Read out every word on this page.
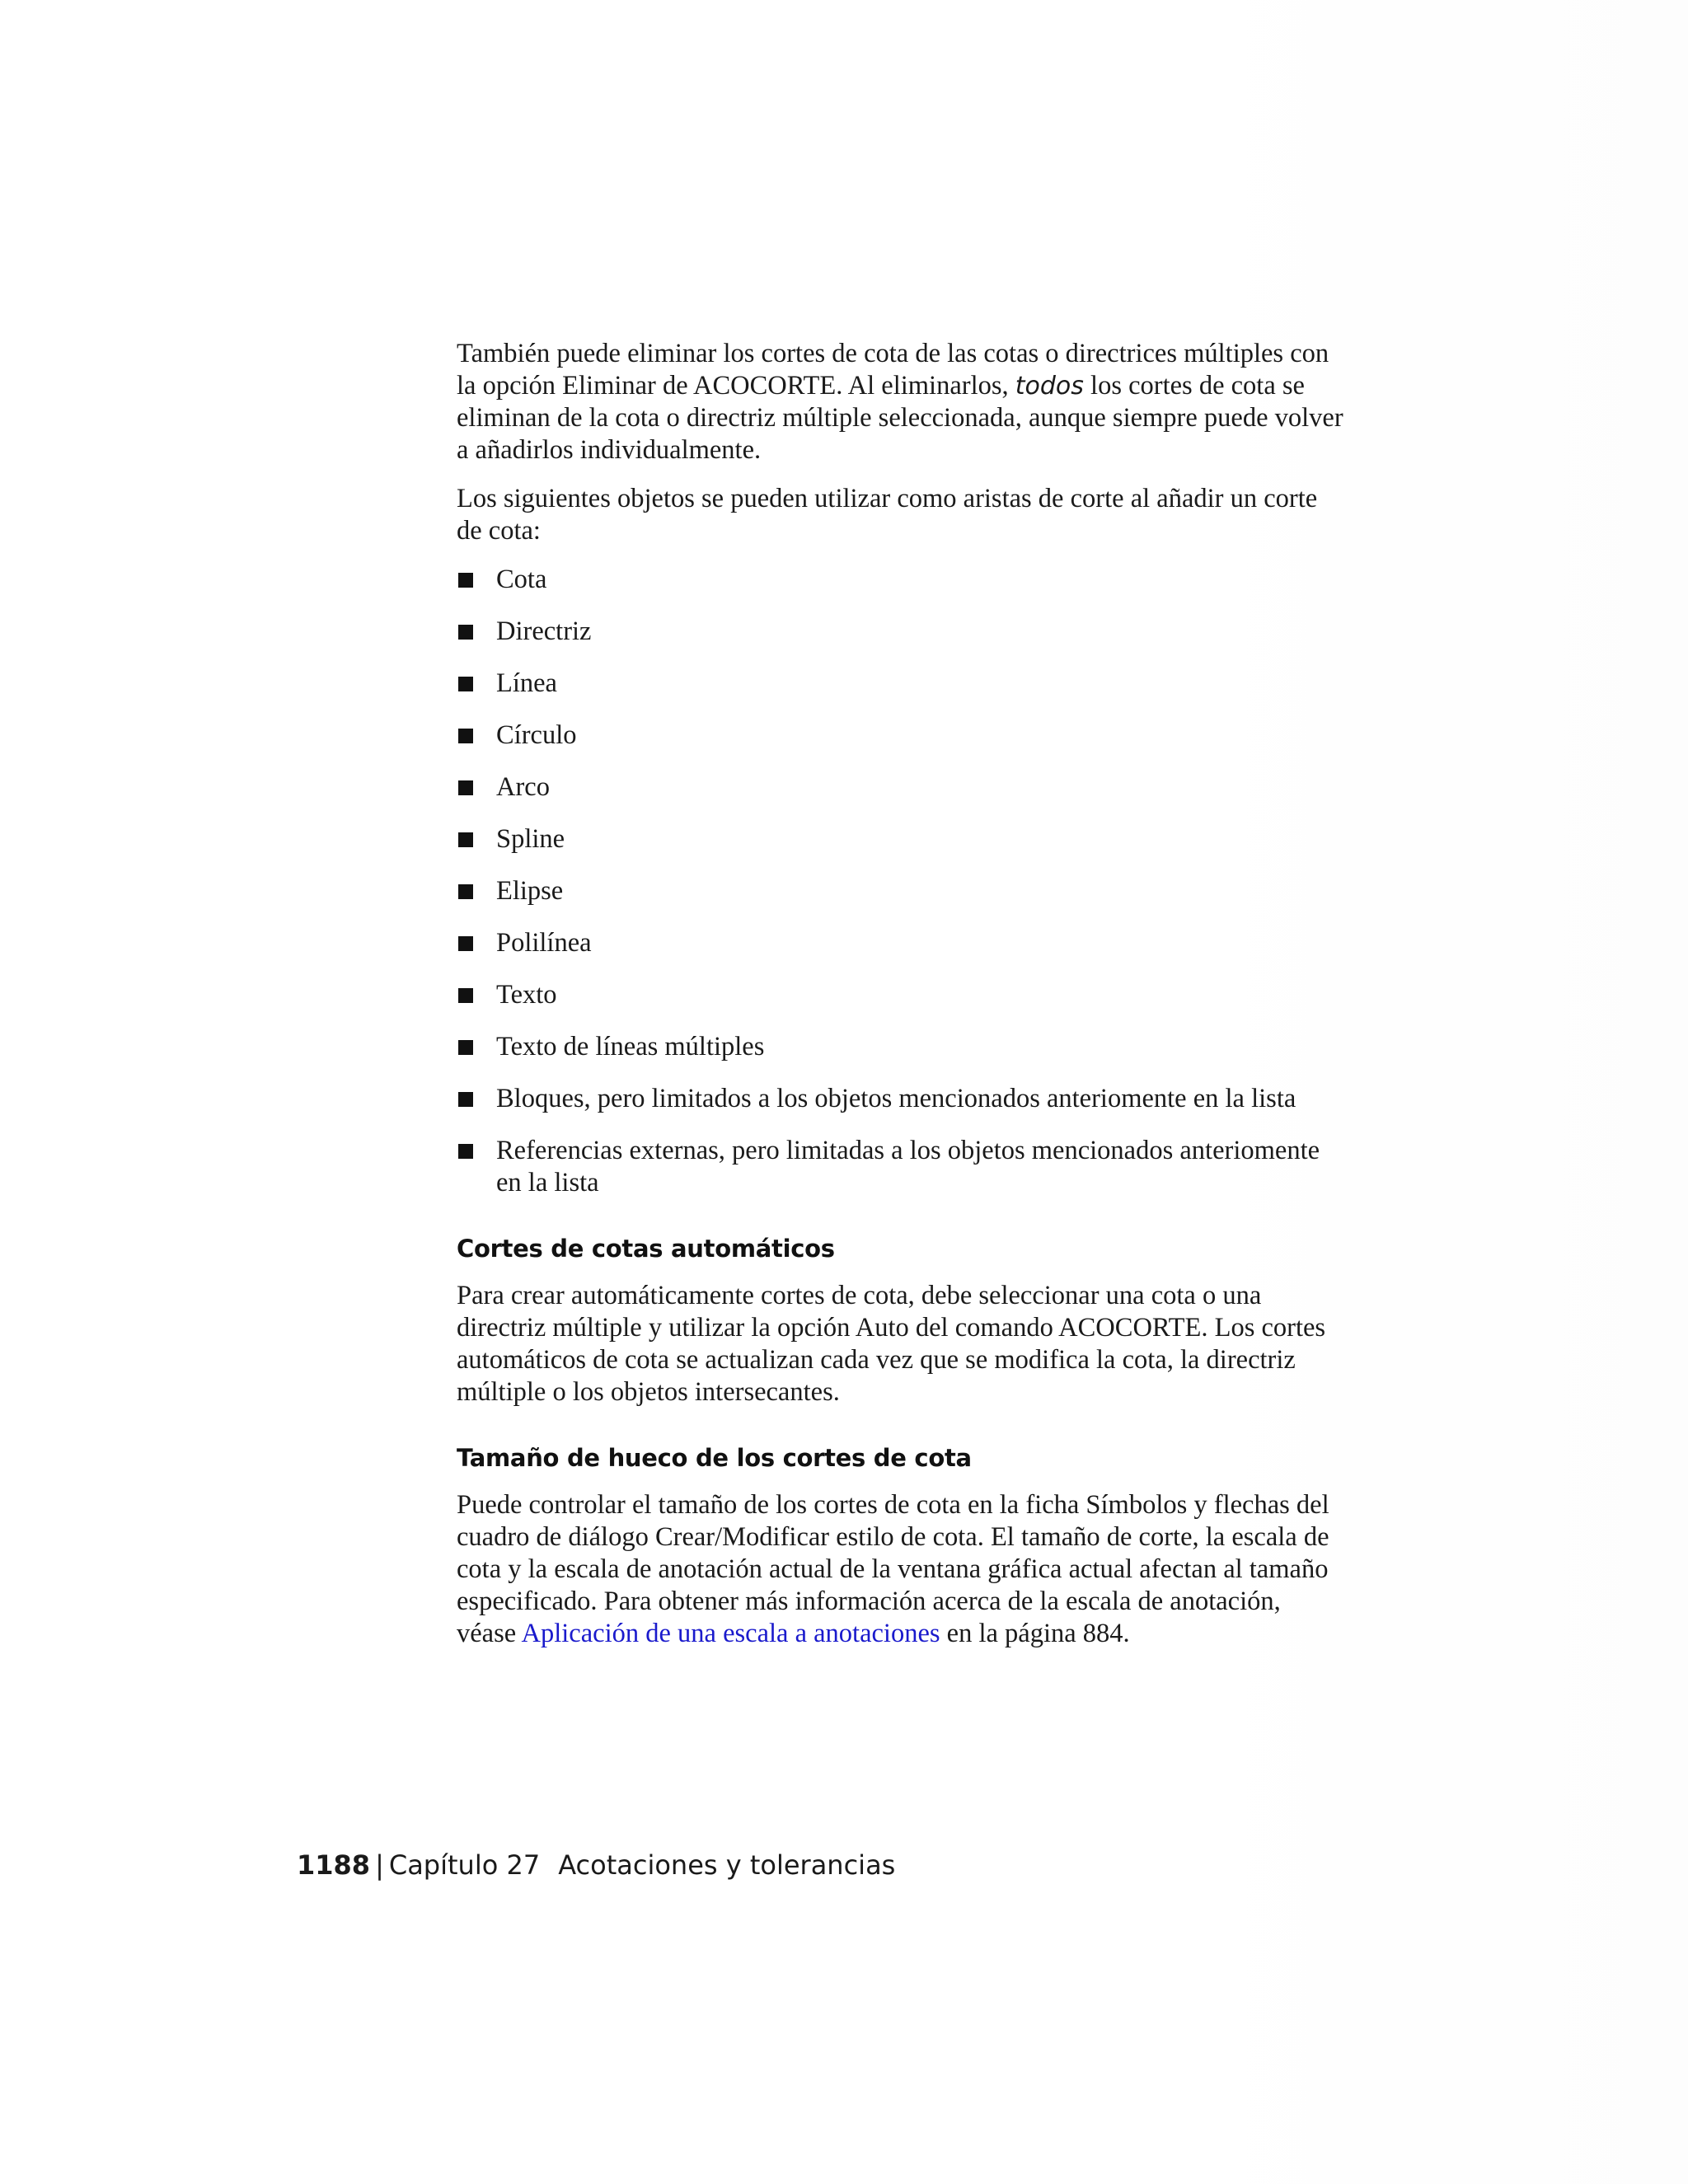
También puede eliminar los cortes de cota de las cotas o directrices múltiples con la opción Eliminar de ACOCORTE. Al eliminarlos, todos los cortes de cota se eliminan de la cota o directriz múltiple seleccionada, aunque siempre puede volver a añadirlos individualmente.

Los siguientes objetos se pueden utilizar como aristas de corte al añadir un corte de cota:

Cota
Directriz
Línea
Círculo
Arco
Spline
Elipse
Polilínea
Texto
Texto de líneas múltiples
Bloques, pero limitados a los objetos mencionados anteriomente en la lista
Referencias externas, pero limitadas a los objetos mencionados anteriomente en la lista
Cortes de cotas automáticos

Para crear automáticamente cortes de cota, debe seleccionar una cota o una directriz múltiple y utilizar la opción Auto del comando ACOCORTE. Los cortes automáticos de cota se actualizan cada vez que se modifica la cota, la directriz múltiple o los objetos intersecantes.

Tamaño de hueco de los cortes de cota

Puede controlar el tamaño de los cortes de cota en la ficha Símbolos y flechas del cuadro de diálogo Crear/Modificar estilo de cota. El tamaño de corte, la escala de cota y la escala de anotación actual de la ventana gráfica actual afectan al tamaño especificado. Para obtener más información acerca de la escala de anotación, véase Aplicación de una escala a anotaciones en la página 884.

1188 | Capítulo 27 Acotaciones y tolerancias
